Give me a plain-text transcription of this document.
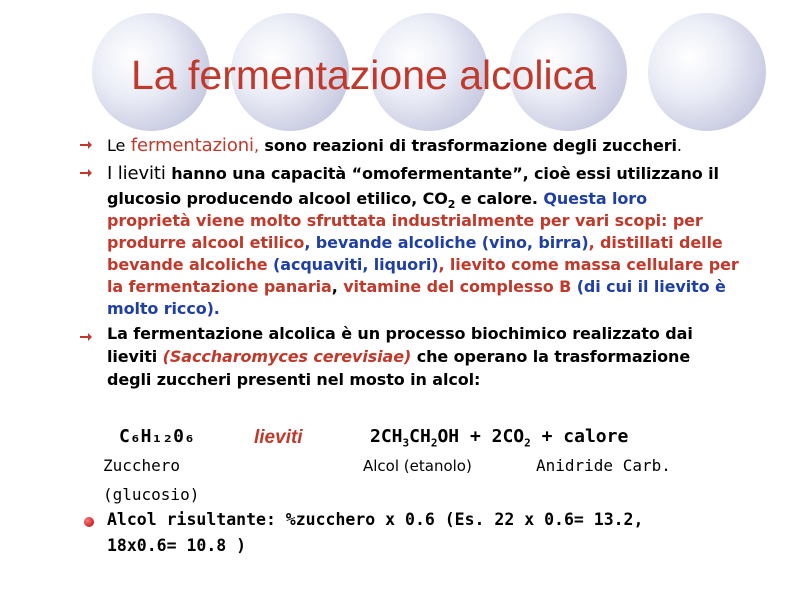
La fermentazione alcolica
Le fermentazioni, sono reazioni di trasformazione degli zuccheri.
I lieviti hanno una capacità “omofermentante”, cioè essi utilizzano il
glucosio producendo alcool etilico, $CO_2$ e calore. Questa loro
proprietà viene molto sfruttata industrialmente per vari scopi: per
produrre alcool etilico, bevande alcoliche (vino, birra), distillati delle
bevande alcoliche (acquaviti, liquori), lievito come massa cellulare per
la fermentazione panaria, vitamine del complesso B (di cui il lievito è
molto ricco).
La fermentazione alcolica è un processo biochimico realizzato dai
lieviti (Saccharomyces cerevisiae) che operano la trasformazione
degli zuccheri presenti nel mosto in alcol:
C₆H₁₂0₆	lieviti	$2CH_3CH_2OH + 2CO_2$ + calore
Zucchero
(glucosio)
Alcol (etanolo)	Anidride Carb.
Alcol risultante: %zucchero x 0.6 (Es. 22 x 0.6= 13.2,
18x0.6= 10.8 )
